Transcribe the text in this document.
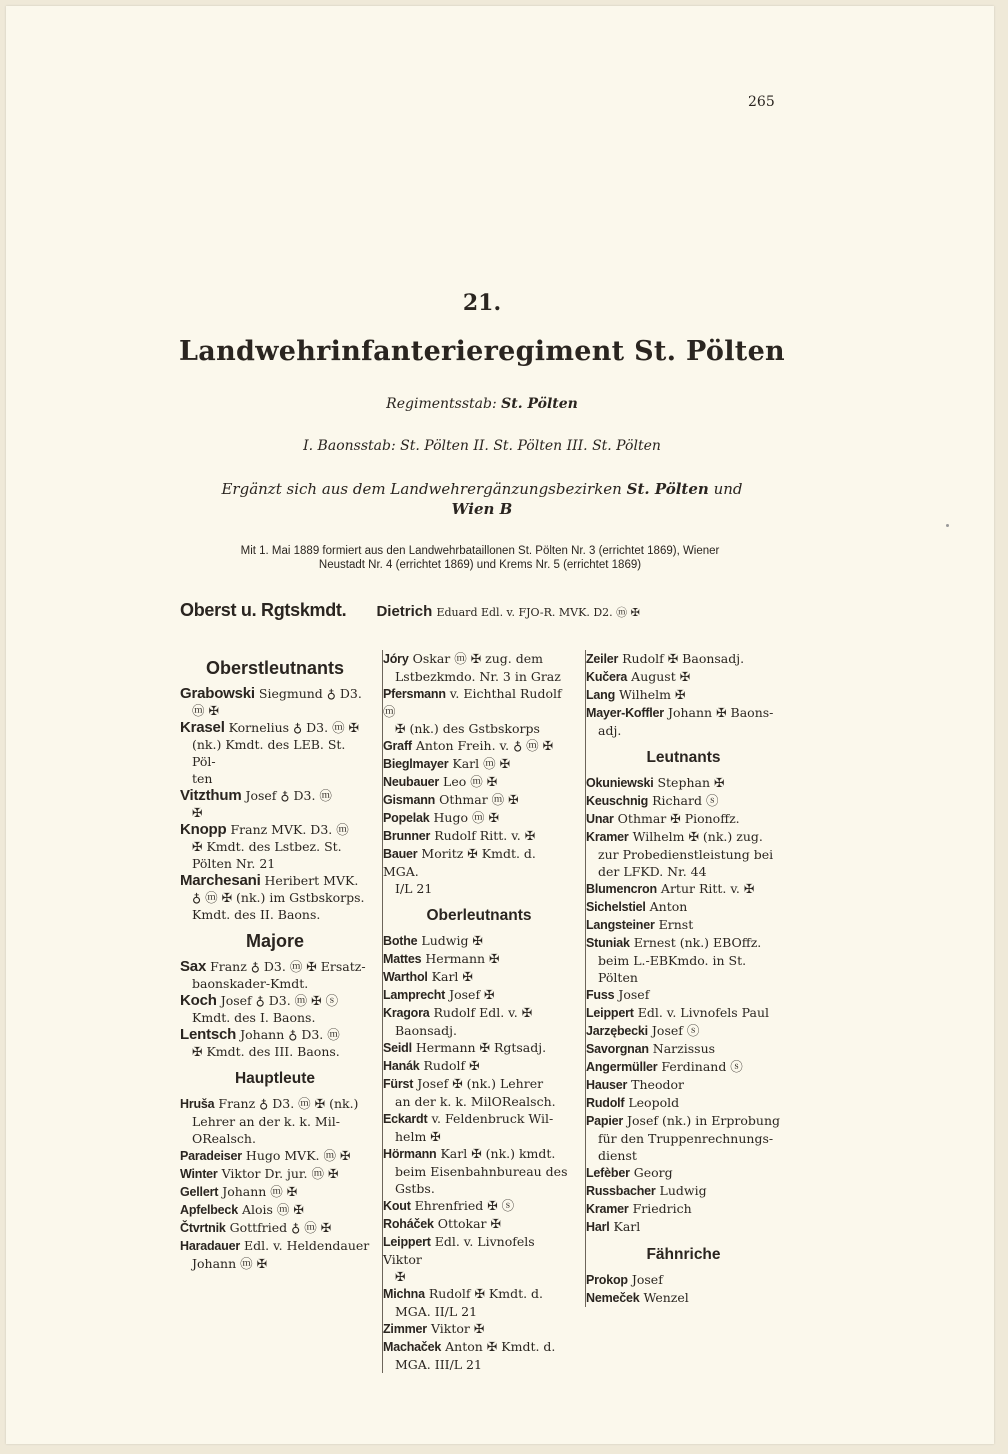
265
21.
Landwehrinfanterieregiment St. Pölten
Regimentsstab: St. Pölten
I. Baonsstab: St. Pölten II. St. Pölten III. St. Pölten
Ergänzt sich aus dem Landwehrergänzungsbezirken St. Pölten und
Wien B
Mit 1. Mai 1889 formiert aus den Landwehrbataillonen St. Pölten Nr. 3 (errichtet 1869), Wiener
Neustadt Nr. 4 (errichtet 1869) und Krems Nr. 5 (errichtet 1869)
Oberst u. Rgtskmdt. Dietrich Eduard Edl. v. FJO-R. MVK. D2. ⓜ ✠
Oberstleutnants
Grabowski Siegmund ♁ D3.
ⓜ ✠
Krasel Kornelius ♁ D3. ⓜ ✠
(nk.) Kmdt. des LEB. St. Pöl-
ten
Vitzthum Josef ♁ D3. ⓜ
✠
Knopp Franz MVK. D3. ⓜ
✠ Kmdt. des Lstbez. St.
Pölten Nr. 21
Marchesani Heribert MVK.
♁ ⓜ ✠ (nk.) im Gstbskorps.
Kmdt. des II. Baons.
Majore
Sax Franz ♁ D3. ⓜ ✠ Ersatz-
baonskader-Kmdt.
Koch Josef ♁ D3. ⓜ ✠ ⓢ
Kmdt. des I. Baons.
Lentsch Johann ♁ D3. ⓜ
✠ Kmdt. des III. Baons.
Hauptleute
Hruša Franz ♁ D3. ⓜ ✠ (nk.)
Lehrer an der k. k. Mil-
ORealsch.
Paradeiser Hugo MVK. ⓜ ✠
Winter Viktor Dr. jur. ⓜ ✠
Gellert Johann ⓜ ✠
Apfelbeck Alois ⓜ ✠
Čtvrtnik Gottfried ♁ ⓜ ✠
Haradauer Edl. v. Heldendauer
Johann ⓜ ✠
Jóry Oskar ⓜ ✠ zug. dem
Lstbezkmdo. Nr. 3 in Graz
Pfersmann v. Eichthal Rudolf ⓜ
✠ (nk.) des Gstbskorps
Graff Anton Freih. v. ♁ ⓜ ✠
Bieglmayer Karl ⓜ ✠
Neubauer Leo ⓜ ✠
Gismann Othmar ⓜ ✠
Popelak Hugo ⓜ ✠
Brunner Rudolf Ritt. v. ✠
Bauer Moritz ✠ Kmdt. d. MGA.
I/L 21
Oberleutnants
Bothe Ludwig ✠
Mattes Hermann ✠
Warthol Karl ✠
Lamprecht Josef ✠
Kragora Rudolf Edl. v. ✠
Baonsadj.
Seidl Hermann ✠ Rgtsadj.
Hanák Rudolf ✠
Fürst Josef ✠ (nk.) Lehrer
an der k. k. MilORealsch.
Eckardt v. Feldenbruck Wil-
helm ✠
Hörmann Karl ✠ (nk.) kmdt.
beim Eisenbahnbureau des
Gstbs.
Kout Ehrenfried ✠ ⓢ
Roháček Ottokar ✠
Leippert Edl. v. Livnofels Viktor
✠
Michna Rudolf ✠ Kmdt. d.
MGA. II/L 21
Zimmer Viktor ✠
Machaček Anton ✠ Kmdt. d.
MGA. III/L 21
Zeiler Rudolf ✠ Baonsadj.
Kučera August ✠
Lang Wilhelm ✠
Mayer-Koffler Johann ✠ Baons-
adj.
Leutnants
Okuniewski Stephan ✠
Keuschnig Richard ⓢ
Unar Othmar ✠ Pionoffz.
Kramer Wilhelm ✠ (nk.) zug.
zur Probedienstleistung bei
der LFKD. Nr. 44
Blumencron Artur Ritt. v. ✠
Sichelstiel Anton
Langsteiner Ernst
Stuniak Ernest (nk.) EBOffz.
beim L.-EBKmdo. in St. Pölten
Fuss Josef
Leippert Edl. v. Livnofels Paul
Jarzębecki Josef ⓢ
Savorgnan Narzissus
Angermüller Ferdinand ⓢ
Hauser Theodor
Rudolf Leopold
Papier Josef (nk.) in Erprobung
für den Truppenrechnungs-
dienst
Lefèber Georg
Russbacher Ludwig
Kramer Friedrich
Harl Karl
Fähnriche
Prokop Josef
Nemeček Wenzel
